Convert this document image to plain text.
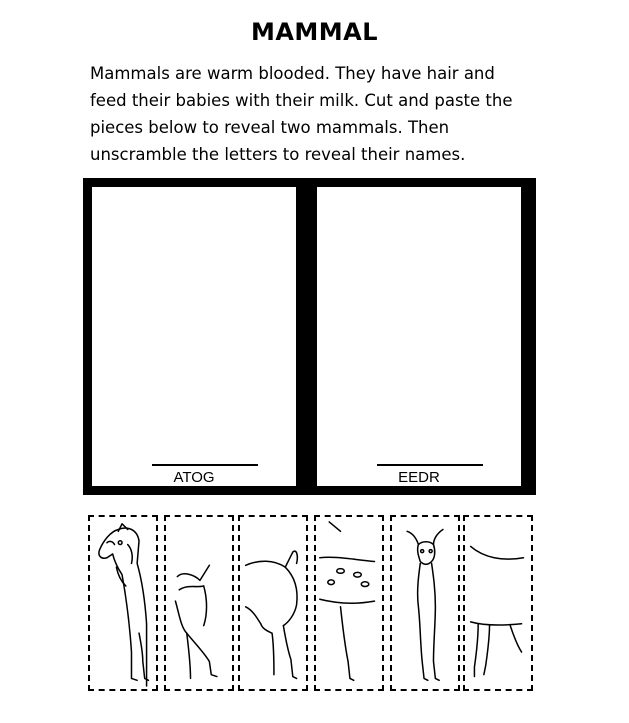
MAMMAL

Mammals are warm blooded. They have hair and

feed their babies with their milk. Cut and paste the

pieces below to reveal two mammals. Then

unscramble the letters to reveal their names.

ATOG	EEDR
